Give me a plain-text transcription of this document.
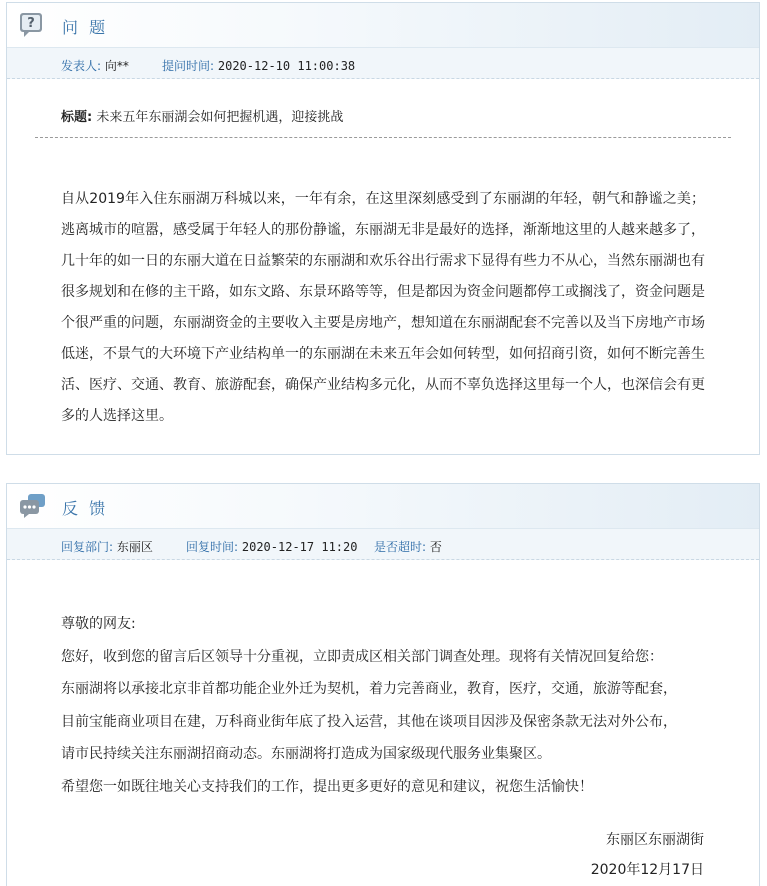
? 问 题
发表人: 向**	提问时间: 2020-12-10 11:00:38
标题: 未来五年东丽湖会如何把握机遇，迎接挑战
自从2019年入住东丽湖万科城以来，一年有余，在这里深刻感受到了东丽湖的年轻，朝气和静谧之美；逃离城市的喧嚣，感受属于年轻人的那份静谧，东丽湖无非是最好的选择，渐渐地这里的人越来越多了，几十年的如一日的东丽大道在日益繁荣的东丽湖和欢乐谷出行需求下显得有些力不从心，当然东丽湖也有很多规划和在修的主干路，如东文路、东景环路等等，但是都因为资金问题都停工或搁浅了，资金问题是个很严重的问题，东丽湖资金的主要收入主要是房地产，想知道在东丽湖配套不完善以及当下房地产市场低迷，不景气的大环境下产业结构单一的东丽湖在未来五年会如何转型，如何招商引资，如何不断完善生活、医疗、交通、教育、旅游配套，确保产业结构多元化，从而不辜负选择这里每一个人，也深信会有更多的人选择这里。
反 馈
回复部门: 东丽区	回复时间: 2020-12-17 11:20 是否超时: 否

尊敬的网友:

您好，收到您的留言后区领导十分重视，立即责成区相关部门调查处理。现将有关情况回复给您：

东丽湖将以承接北京非首都功能企业外迁为契机，着力完善商业，教育，医疗，交通，旅游等配套，

目前宝能商业项目在建，万科商业街年底了投入运营，其他在谈项目因涉及保密条款无法对外公布，

请市民持续关注东丽湖招商动态。东丽湖将打造成为国家级现代服务业集聚区。

希望您一如既往地关心支持我们的工作，提出更多更好的意见和建议，祝您生活愉快！

东丽区东丽湖街
2020年12月17日
